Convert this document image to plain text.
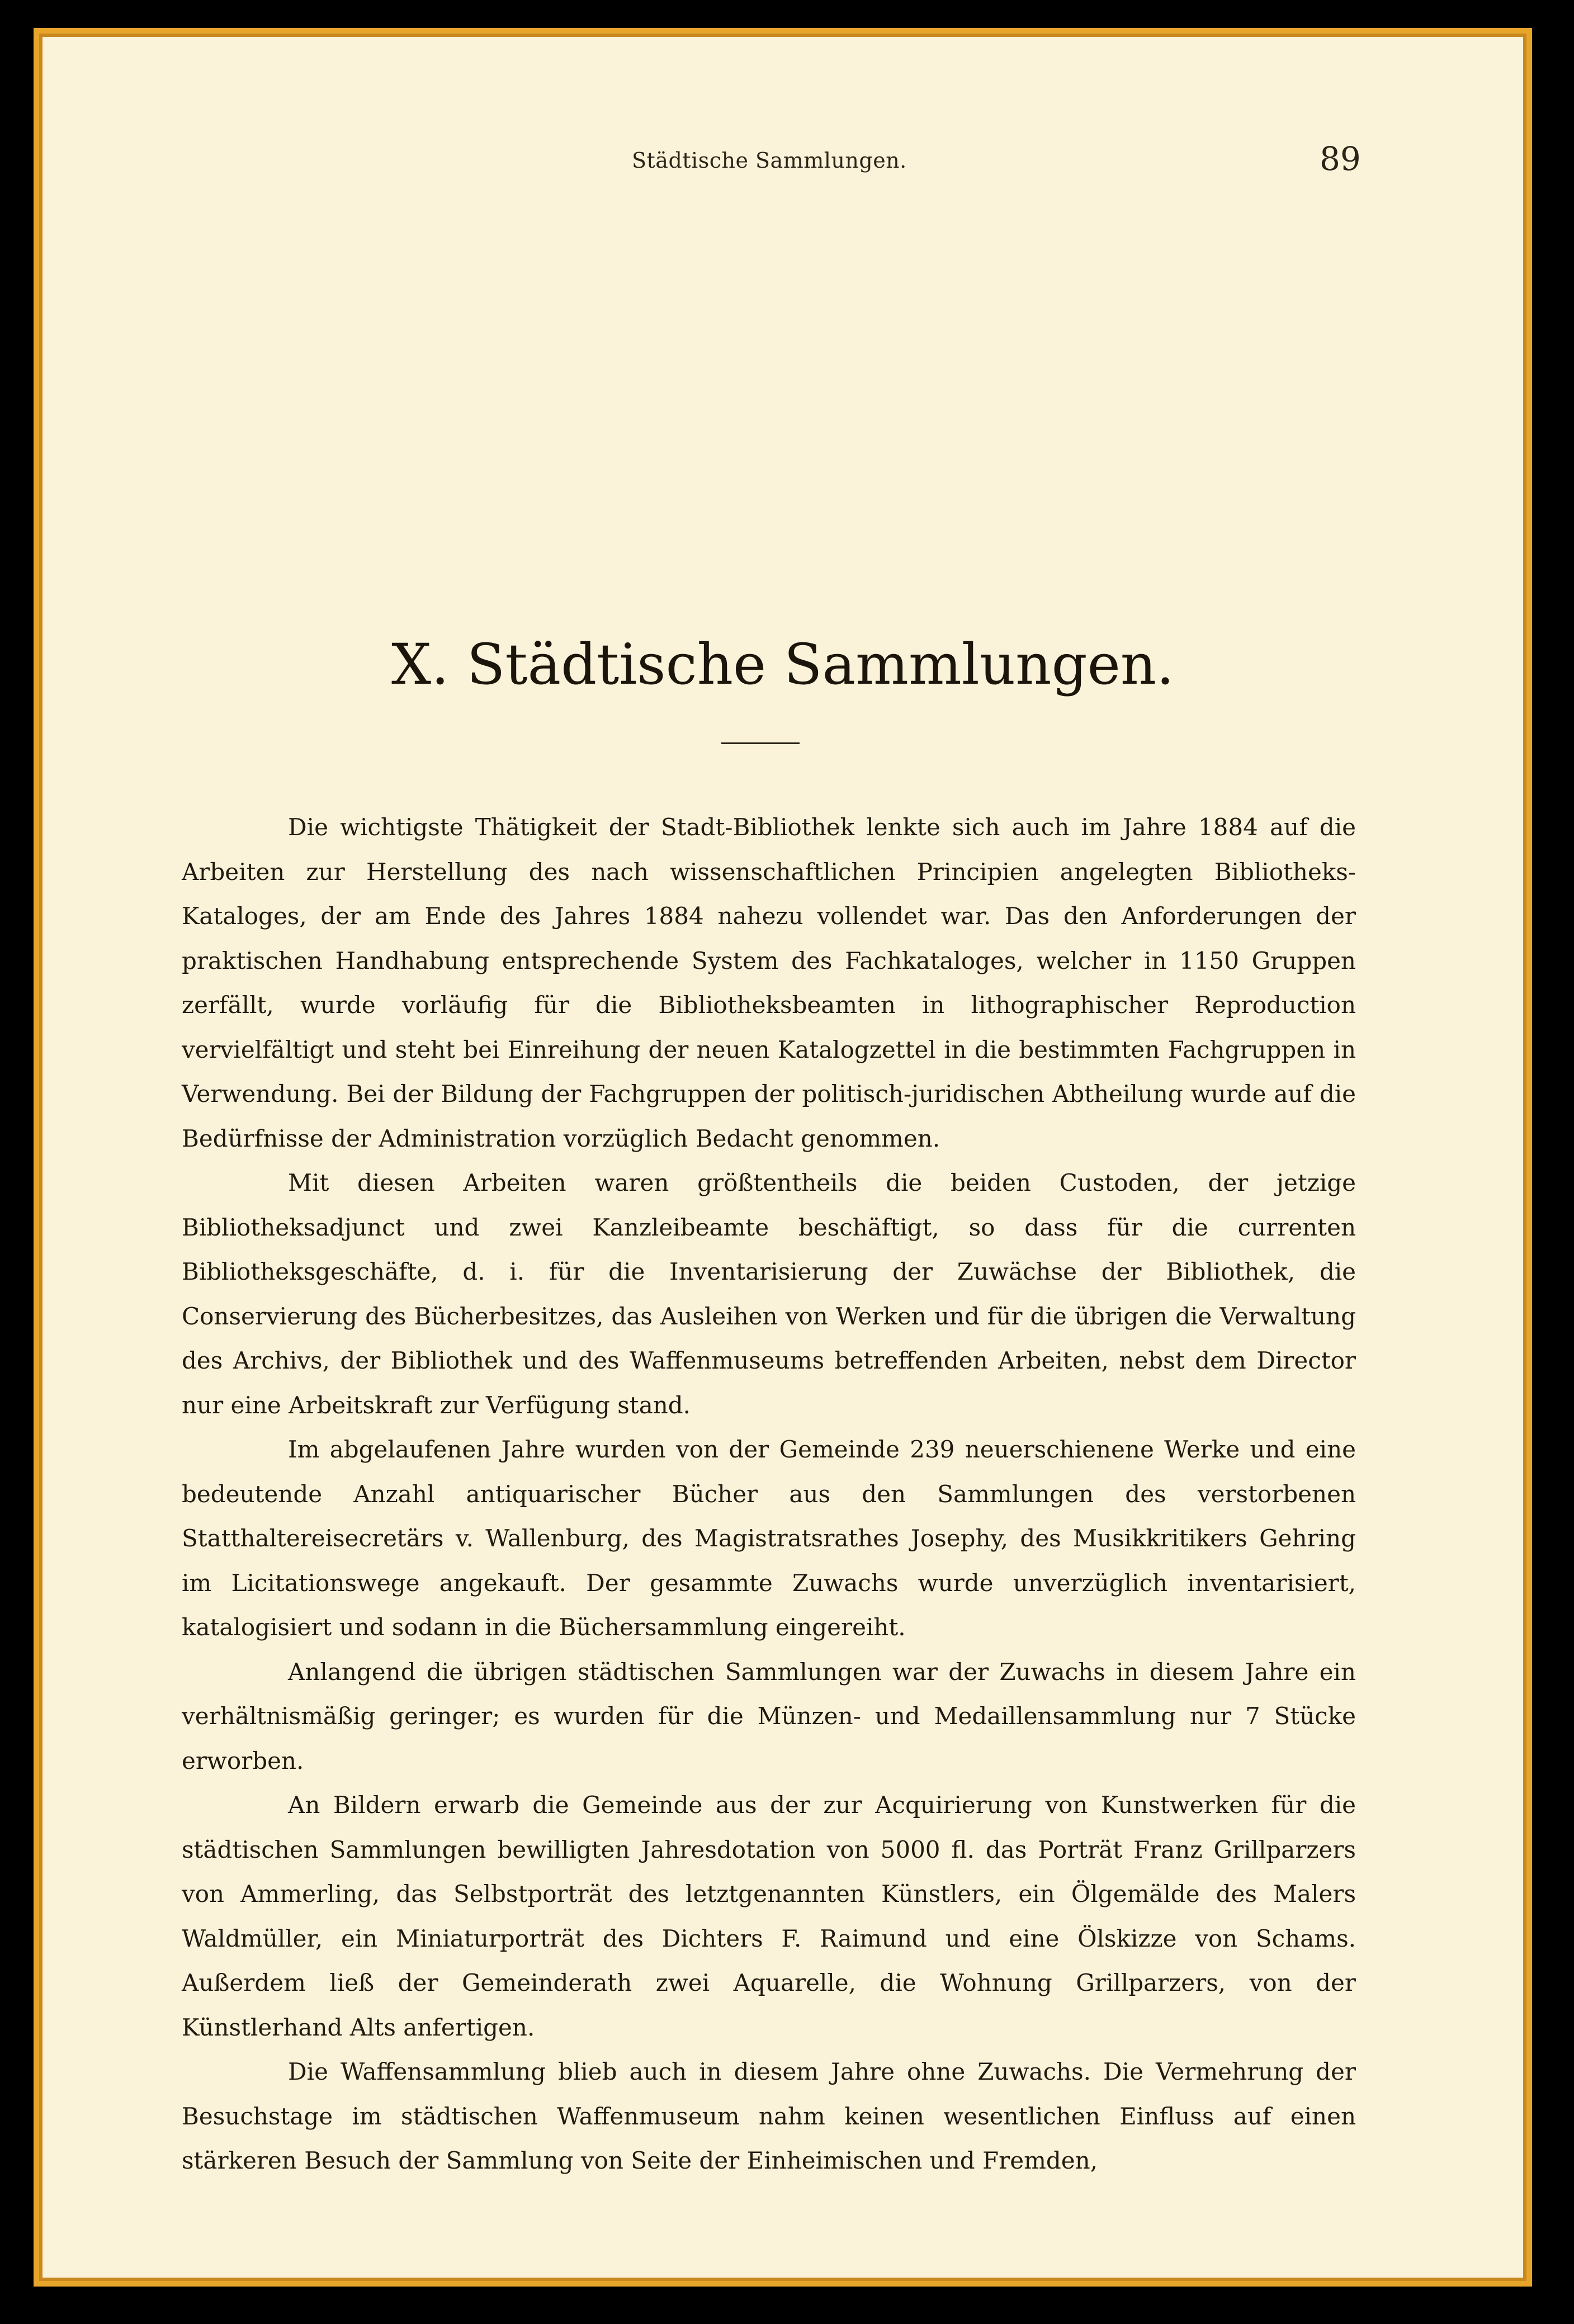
Städtische Sammlungen.	89
X. Städtische Sammlungen.

Die wichtigste Thätigkeit der Stadt-Bibliothek lenkte sich auch im Jahre 1884 auf die Arbeiten zur Herstellung des nach wissenschaftlichen Principien angelegten Bibliotheks-Kataloges, der am Ende des Jahres 1884 nahezu vollendet war. Das den Anforderungen der praktischen Handhabung entsprechende System des Fachkataloges, welcher in 1150 Gruppen zerfällt, wurde vorläufig für die Bibliotheksbeamten in lithographischer Reproduction vervielfältigt und steht bei Einreihung der neuen Katalogzettel in die bestimmten Fachgruppen in Verwendung. Bei der Bildung der Fachgruppen der politisch-juridischen Abtheilung wurde auf die Bedürfnisse der Administration vorzüglich Bedacht genommen.

Mit diesen Arbeiten waren größtentheils die beiden Custoden, der jetzige Bibliotheksadjunct und zwei Kanzleibeamte beschäftigt, so dass für die currenten Bibliotheksgeschäfte, d. i. für die Inventarisierung der Zuwächse der Bibliothek, die Conservierung des Bücherbesitzes, das Ausleihen von Werken und für die übrigen die Verwaltung des Archivs, der Bibliothek und des Waffenmuseums betreffenden Arbeiten, nebst dem Director nur eine Arbeitskraft zur Verfügung stand.

Im abgelaufenen Jahre wurden von der Gemeinde 239 neuerschienene Werke und eine bedeutende Anzahl antiquarischer Bücher aus den Sammlungen des verstorbenen Statthaltereisecretärs v. Wallenburg, des Magistratsrathes Josephy, des Musikkritikers Gehring im Licitationswege angekauft. Der gesammte Zuwachs wurde unverzüglich inventarisiert, katalogisiert und sodann in die Büchersammlung eingereiht.

Anlangend die übrigen städtischen Sammlungen war der Zuwachs in diesem Jahre ein verhältnismäßig geringer; es wurden für die Münzen- und Medaillensammlung nur 7 Stücke erworben.

An Bildern erwarb die Gemeinde aus der zur Acquirierung von Kunstwerken für die städtischen Sammlungen bewilligten Jahresdotation von 5000 fl. das Porträt Franz Grillparzers von Ammerling, das Selbstporträt des letztgenannten Künstlers, ein Ölgemälde des Malers Waldmüller, ein Miniaturporträt des Dichters F. Raimund und eine Ölskizze von Schams. Außerdem ließ der Gemeinderath zwei Aquarelle, die Wohnung Grillparzers, von der Künstlerhand Alts anfertigen.

Die Waffensammlung blieb auch in diesem Jahre ohne Zuwachs. Die Vermehrung der Besuchstage im städtischen Waffenmuseum nahm keinen wesentlichen Einfluss auf einen stärkeren Besuch der Sammlung von Seite der Einheimischen und Fremden,
